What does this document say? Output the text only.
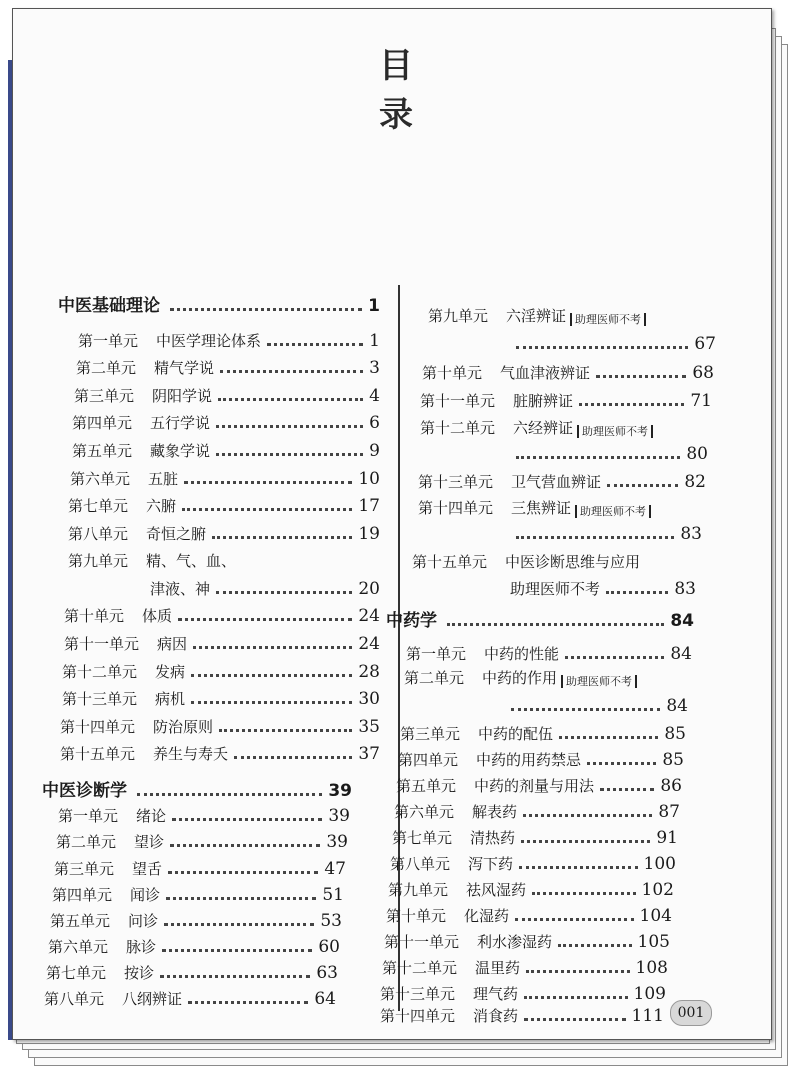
目 录
中医基础理论	1
第一单元 中医学理论体系	1
第二单元 精气学说	3
第三单元 阴阳学说	4
第四单元 五行学说	6
第五单元 藏象学说	9
第六单元 五脏	10
第七单元 六腑	17
第八单元 奇恒之腑	19
第九单元 精、气、血、
津液、神	20
第十单元 体质	24
第十一单元 病因	24
第十二单元 发病	28
第十三单元 病机	30
第十四单元 防治原则	35
第十五单元 养生与寿夭	37
中医诊断学	39
第一单元 绪论	39
第二单元 望诊	39
第三单元 望舌	47
第四单元 闻诊	51
第五单元 问诊	53
第六单元 脉诊	60
第七单元 按诊	63
第八单元 八纲辨证	64
第九单元 六淫辨证 助理医师不考
67
第十单元 气血津液辨证	68
第十一单元 脏腑辨证	71
第十二单元 六经辨证 助理医师不考
80
第十三单元 卫气营血辨证	82
第十四单元 三焦辨证 助理医师不考
83
第十五单元 中医诊断思维与应用
助理医师不考	83
中药学	84
第一单元 中药的性能	84
第二单元 中药的作用 助理医师不考
84
第三单元 中药的配伍	85
第四单元 中药的用药禁忌	85
第五单元 中药的剂量与用法	86
第六单元 解表药	87
第七单元 清热药	91
第八单元 泻下药	100
第九单元 祛风湿药	102
第十单元 化湿药	104
第十一单元 利水渗湿药	105
第十二单元 温里药	108
第十三单元 理气药	109
第十四单元 消食药	111 001
